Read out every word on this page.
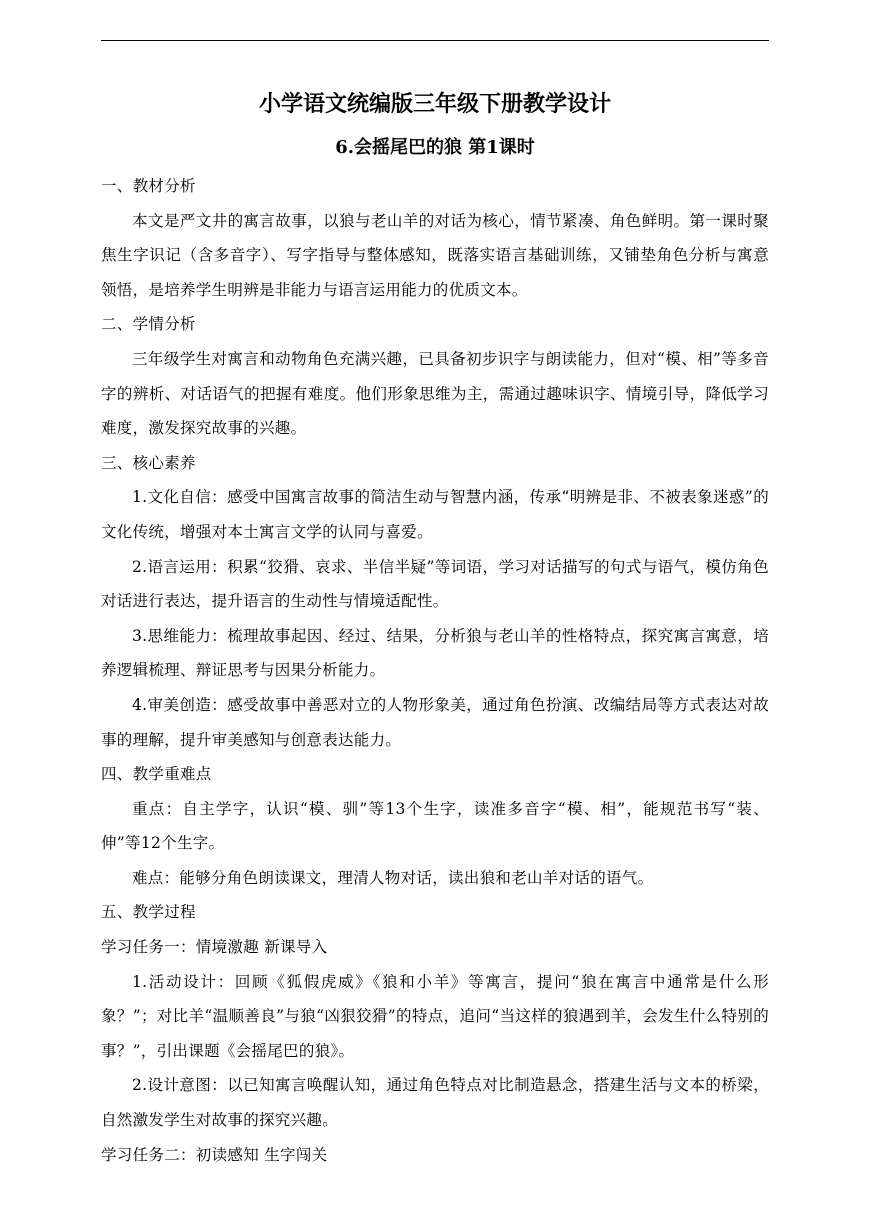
小学语文统编版三年级下册教学设计
6.会摇尾巴的狼 第1课时

一、教材分析

本文是严文井的寓言故事，以狼与老山羊的对话为核心，情节紧凑、角色鲜明。第一课时聚焦生字识记（含多音字）、写字指导与整体感知，既落实语言基础训练，又铺垫角色分析与寓意领悟，是培养学生明辨是非能力与语言运用能力的优质文本。

二、学情分析

三年级学生对寓言和动物角色充满兴趣，已具备初步识字与朗读能力，但对“模、相”等多音字的辨析、对话语气的把握有难度。他们形象思维为主，需通过趣味识字、情境引导，降低学习难度，激发探究故事的兴趣。

三、核心素养

1.文化自信：感受中国寓言故事的简洁生动与智慧内涵，传承“明辨是非、不被表象迷惑”的文化传统，增强对本土寓言文学的认同与喜爱。

2.语言运用：积累“狡猾、哀求、半信半疑”等词语，学习对话描写的句式与语气，模仿角色对话进行表达，提升语言的生动性与情境适配性。

3.思维能力：梳理故事起因、经过、结果，分析狼与老山羊的性格特点，探究寓言寓意，培养逻辑梳理、辩证思考与因果分析能力。

4.审美创造：感受故事中善恶对立的人物形象美，通过角色扮演、改编结局等方式表达对故事的理解，提升审美感知与创意表达能力。

四、教学重难点

重点：自主学字，认识“模、驯”等13个生字，读准多音字“模、相”，能规范书写“装、伸”等12个生字。

难点：能够分角色朗读课文，理清人物对话，读出狼和老山羊对话的语气。

五、教学过程

学习任务一：情境激趣 新课导入

1.活动设计：回顾《狐假虎威》《狼和小羊》等寓言，提问“狼在寓言中通常是什么形象？”；对比羊“温顺善良”与狼“凶狠狡猾”的特点，追问“当这样的狼遇到羊，会发生什么特别的事？”，引出课题《会摇尾巴的狼》。

2.设计意图：以已知寓言唤醒认知，通过角色特点对比制造悬念，搭建生活与文本的桥梁，自然激发学生对故事的探究兴趣。

学习任务二：初读感知 生字闯关
